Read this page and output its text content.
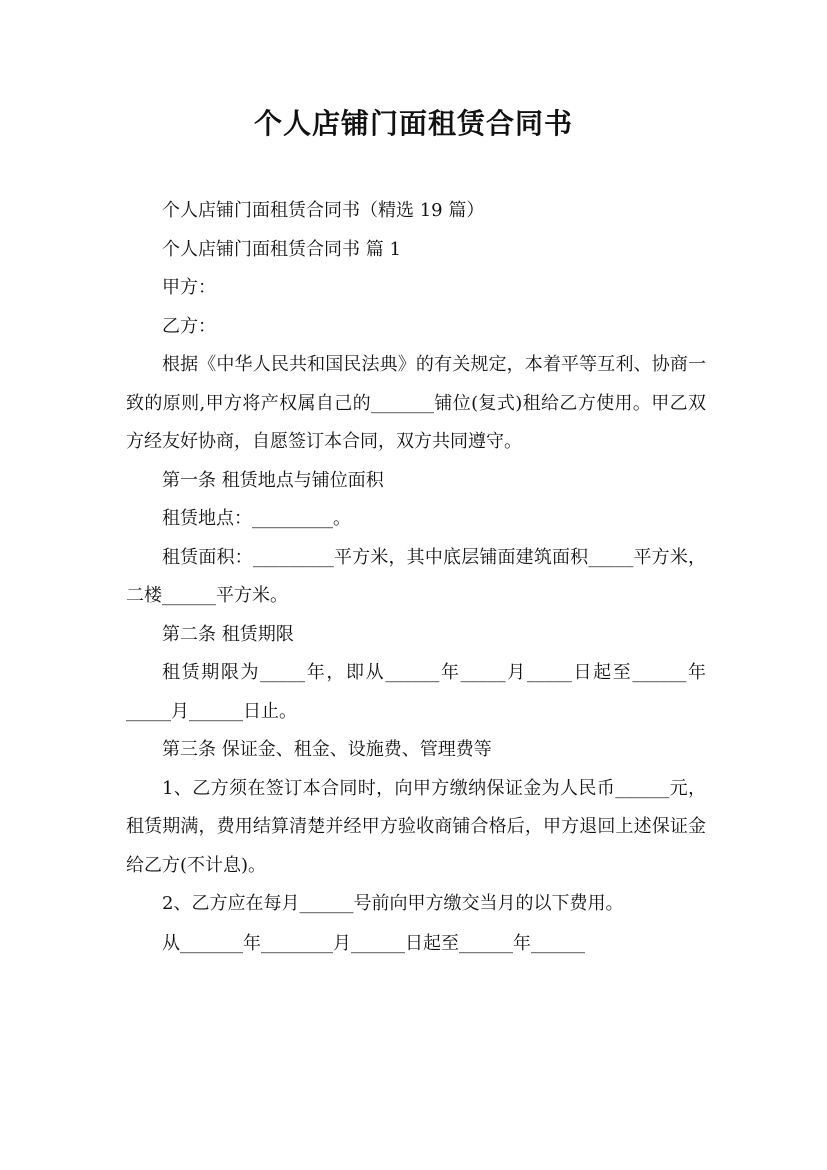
个人店铺门面租赁合同书

个人店铺门面租赁合同书（精选 19 篇）

个人店铺门面租赁合同书 篇 1

甲方：

乙方：

根据《中华人民共和国民法典》的有关规定，本着平等互利、协商一致的原则,甲方将产权属自己的_______铺位(复式)租给乙方使用。甲乙双方经友好协商，自愿签订本合同，双方共同遵守。

第一条 租赁地点与铺位面积

租赁地点：_________。

租赁面积：_________平方米，其中底层铺面建筑面积_____平方米，二楼______平方米。

第二条 租赁期限

租赁期限为_____年，即从______年_____月_____日起至______年_____月______日止。

第三条 保证金、租金、设施费、管理费等

1、乙方须在签订本合同时，向甲方缴纳保证金为人民币______元，租赁期满，费用结算清楚并经甲方验收商铺合格后，甲方退回上述保证金给乙方(不计息)。

2、乙方应在每月______号前向甲方缴交当月的以下费用。

从_______年________月______日起至______年______
